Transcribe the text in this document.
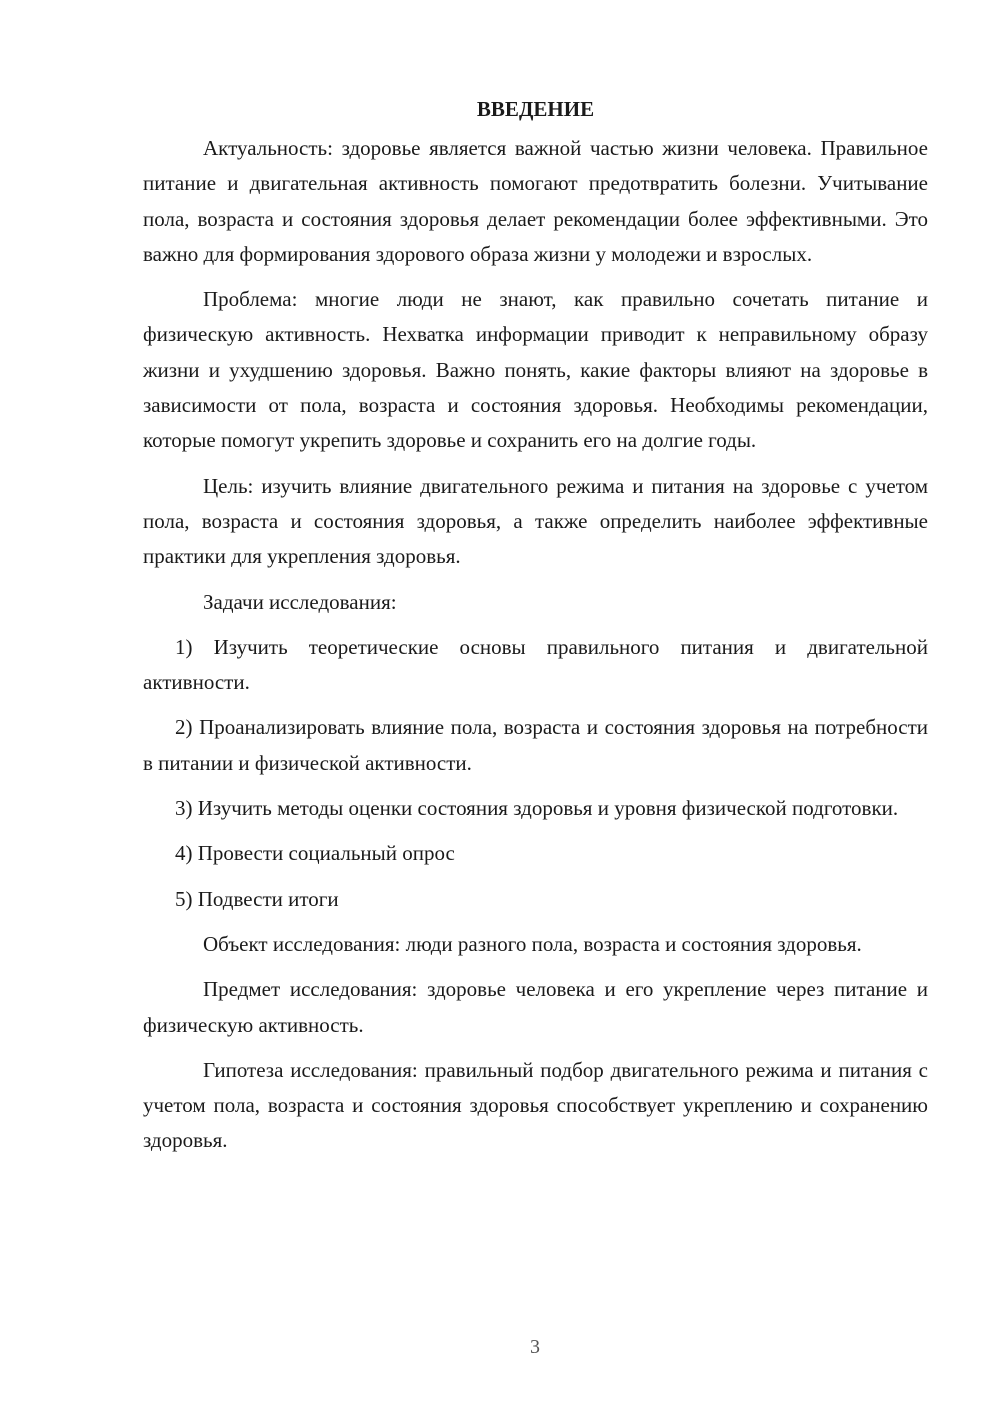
ВВЕДЕНИЕ

Актуальность: здоровье является важной частью жизни человека. Правильное питание и двигательная активность помогают предотвратить болезни. Учитывание пола, возраста и состояния здоровья делает рекомендации более эффективными. Это важно для формирования здорового образа жизни у молодежи и взрослых.

Проблема: многие люди не знают, как правильно сочетать питание и физическую активность. Нехватка информации приводит к неправильному образу жизни и ухудшению здоровья. Важно понять, какие факторы влияют на здоровье в зависимости от пола, возраста и состояния здоровья. Необходимы рекомендации, которые помогут укрепить здоровье и сохранить его на долгие годы.

Цель: изучить влияние двигательного режима и питания на здоровье с учетом пола, возраста и состояния здоровья, а также определить наиболее эффективные практики для укрепления здоровья.

Задачи исследования:

1) Изучить теоретические основы правильного питания и двигательной активности.

2) Проанализировать влияние пола, возраста и состояния здоровья на потребности в питании и физической активности.

3) Изучить методы оценки состояния здоровья и уровня физической подготовки.

4) Провести социальный опрос

5) Подвести итоги

Объект исследования: люди разного пола, возраста и состояния здоровья.

Предмет исследования: здоровье человека и его укрепление через питание и физическую активность.

Гипотеза исследования: правильный подбор двигательного режима и питания с учетом пола, возраста и состояния здоровья способствует укреплению и сохранению здоровья.

3
